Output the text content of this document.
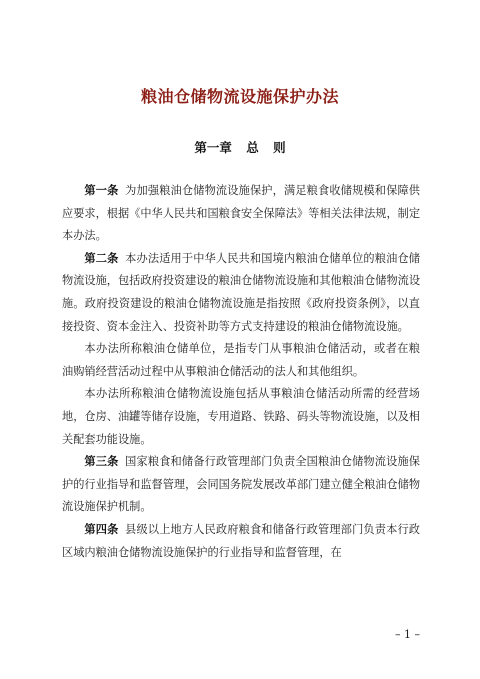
粮油仓储物流设施保护办法
第一章 总 则

第一条 为加强粮油仓储物流设施保护，满足粮食收储规模和保障供应要求，根据《中华人民共和国粮食安全保障法》等相关法律法规，制定本办法。

第二条 本办法适用于中华人民共和国境内粮油仓储单位的粮油仓储物流设施，包括政府投资建设的粮油仓储物流设施和其他粮油仓储物流设施。政府投资建设的粮油仓储物流设施是指按照《政府投资条例》，以直接投资、资本金注入、投资补助等方式支持建设的粮油仓储物流设施。

本办法所称粮油仓储单位，是指专门从事粮油仓储活动，或者在粮油购销经营活动过程中从事粮油仓储活动的法人和其他组织。

本办法所称粮油仓储物流设施包括从事粮油仓储活动所需的经营场地，仓房、油罐等储存设施，专用道路、铁路、码头等物流设施，以及相关配套功能设施。

第三条 国家粮食和储备行政管理部门负责全国粮油仓储物流设施保护的行业指导和监督管理，会同国务院发展改革部门建立健全粮油仓储物流设施保护机制。

第四条 县级以上地方人民政府粮食和储备行政管理部门负责本行政区域内粮油仓储物流设施保护的行业指导和监督管理，在

– 1 –
